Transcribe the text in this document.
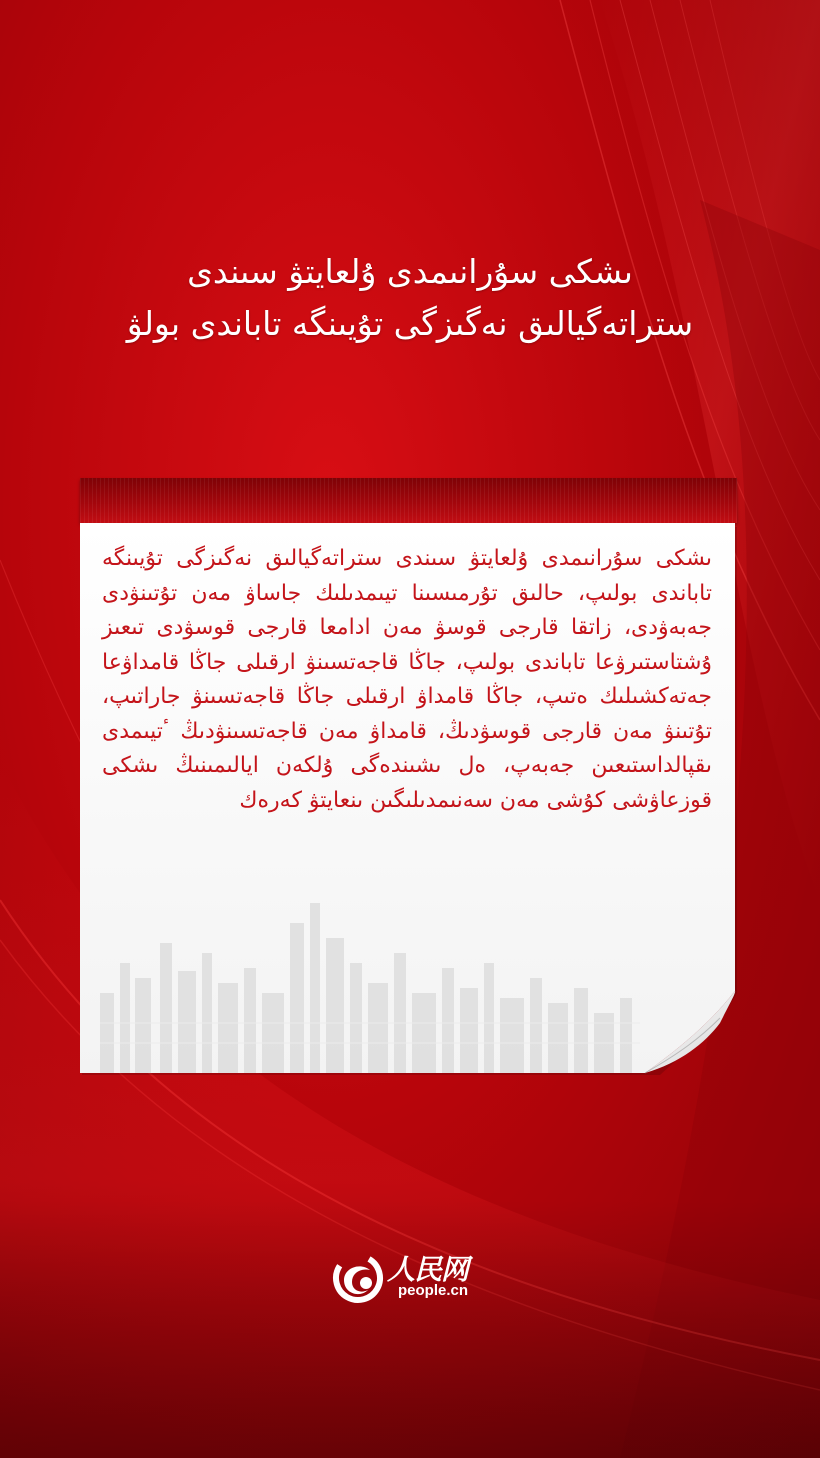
ىشكى سۇرانىمدى ۇلعايتۋ سىندى ستراتەگيالىق نەگىزگى تۇيىنگە تاباندى بولۋ

ىشكى سۇرانىمدى ۇلعايتۋ سىندى ستراتەگيالىق نەگىزگى تۇيىنگە تاباندى بولىپ، حالىق تۇرمىسىنا تيىمدىلىك جاساۋ مەن تۇتىنۋدى جەبەۋدى، زاتقا قارجى قوسۋ مەن ادامعا قارجى قوسۋدى تىعىز ۇشتاستىرۋعا تاباندى بولىپ، جاڭا قاجەتسىنۋ ارقىلى جاڭا قامداۋعا جەتەكشىلىك ەتىپ، جاڭا قامداۋ ارقىلى جاڭا قاجەتسىنۋ جاراتىپ، تۇتىنۋ مەن قارجى قوسۋدىڭ، قامداۋ مەن قاجەتسىنۋدىڭ ٴتيىمدى ىقپالداستىعىن جەبەپ، ەل ىشىندەگى ۇلكەن ايالىمىنىڭ ىشكى قوزعاۋشى كۇشى مەن سەنىمدىلىگىن ىنعايتۋ كەرەك

人民网
people.cn
